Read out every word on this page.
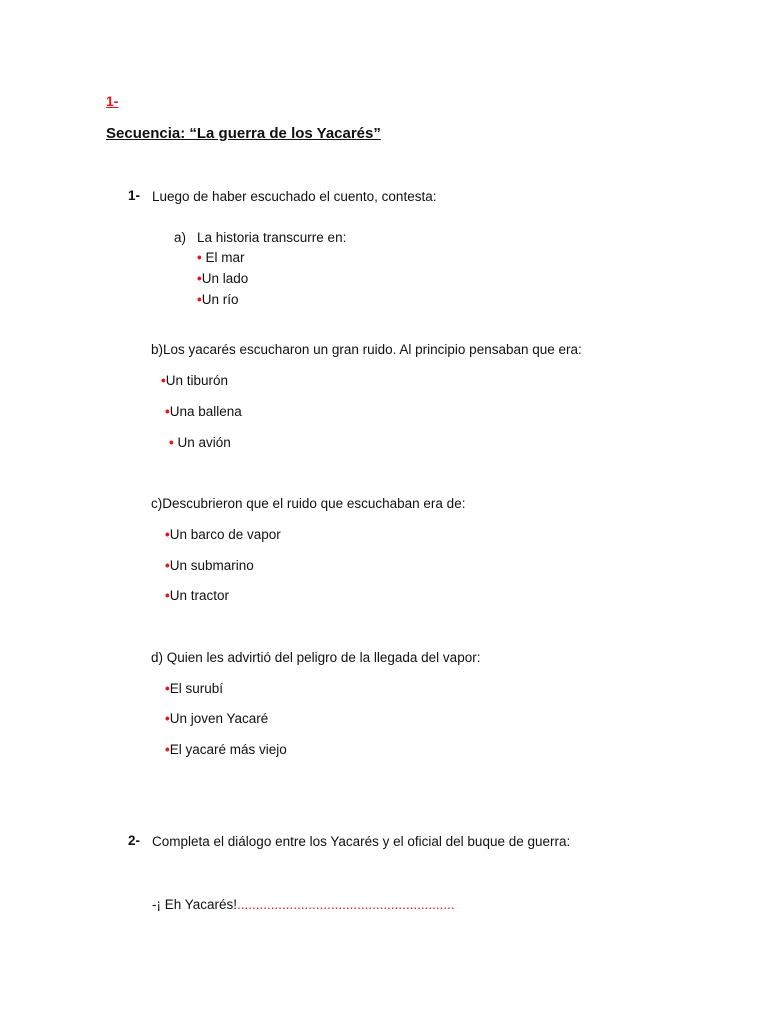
1-
Secuencia: “La guerra de los Yacarés”
1- Luego de haber escuchado el cuento, contesta:
a) La historia transcurre en:
• El mar
•Un lado
•Un río
b)Los yacarés escucharon un gran ruido. Al principio pensaban que era:
•Un tiburón
•Una ballena
• Un avión
c)Descubrieron que el ruido que escuchaban era de:
•Un barco de vapor
•Un submarino
•Un tractor
d) Quien les advirtió del peligro de la llegada del vapor:
•El surubí
•Un joven Yacaré
•El yacaré más viejo
2- Completa el diálogo entre los Yacarés y el oficial del buque de guerra:
-¡ Eh Yacarés!..........................................................
